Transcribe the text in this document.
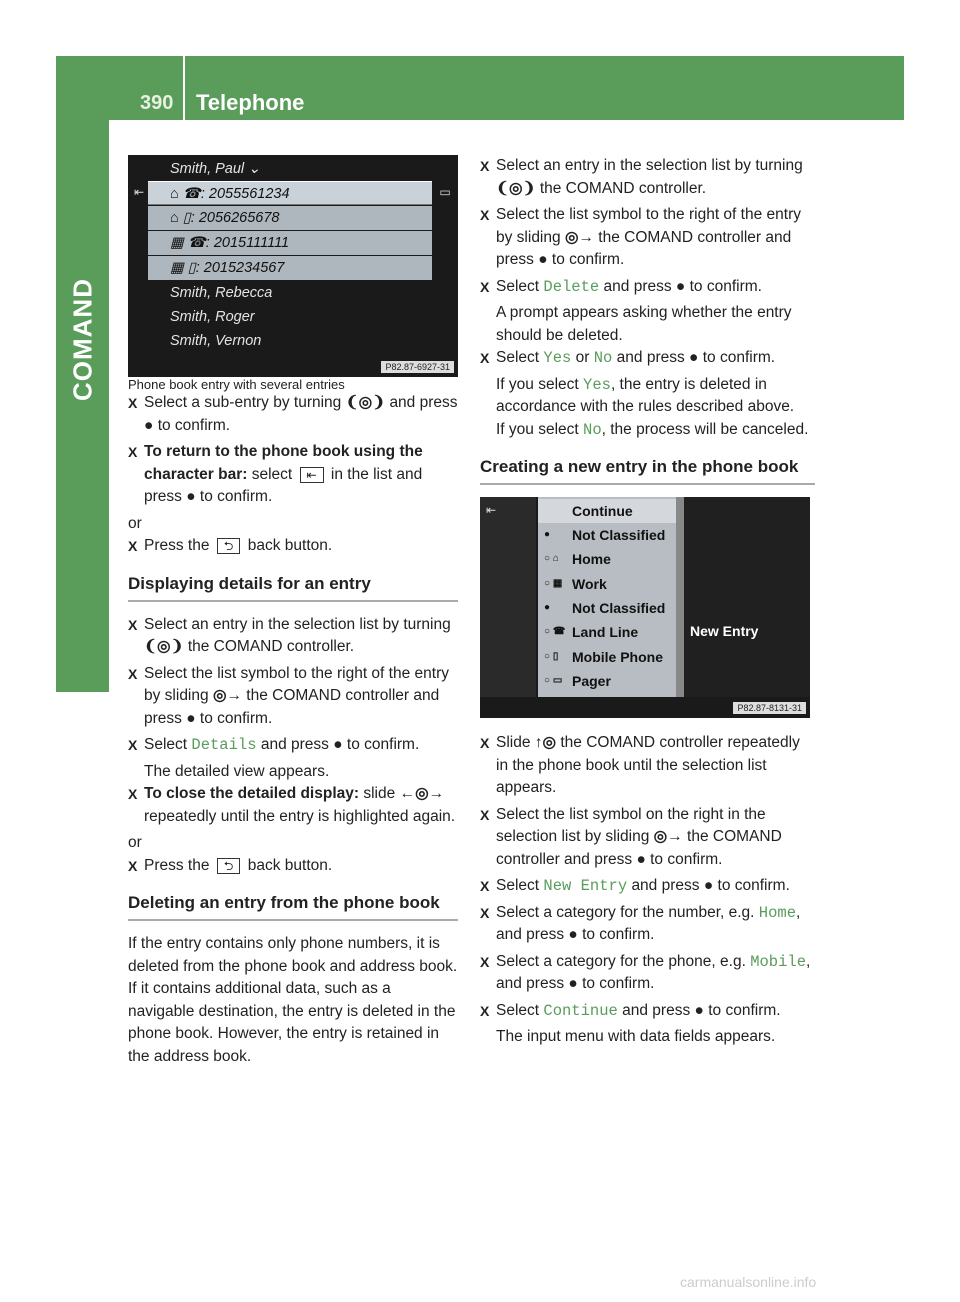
390 Telephone
COMAND
⇤	▭
Smith, Paul ⌄
⌂ ☎: 2055561234
⌂ ▯: 2056265678
▦ ☎: 2015111111
▦ ▯: 2015234567
Smith, Rebecca
Smith, Roger
Smith, Vernon
P82.87-6927-31

Phone book entry with several entries

X Select a sub-entry by turning ❨◎❩ and press ● to confirm.
X To return to the phone book using the character bar: select ⇤ in the list and press ● to confirm.

or

X Press the ⮌ back button.
Displaying details for an entry
X Select an entry in the selection list by turning ❨◎❩ the COMAND controller.
X Select the list symbol to the right of the entry by sliding ◎→ the COMAND controller and press ● to confirm.
X Select Details and press ● to confirm.

The detailed view appears.

X To close the detailed display: slide ←◎→ repeatedly until the entry is highlighted again.

or

X Press the ⮌ back button.
Deleting an entry from the phone book

If the entry contains only phone numbers, it is deleted from the phone book and address book.

If it contains additional data, such as a navigable destination, the entry is deleted in the phone book. However, the entry is retained in the address book.

X Select an entry in the selection list by turning ❨◎❩ the COMAND controller.
X Select the list symbol to the right of the entry by sliding ◎→ the COMAND controller and press ● to confirm.
X Select Delete and press ● to confirm.

A prompt appears asking whether the entry should be deleted.

X Select Yes or No and press ● to confirm.

If you select Yes, the entry is deleted in accordance with the rules described above.

If you select No, the process will be canceled.

Creating a new entry in the phone book
⇤	Continue
● Not Classified
○ ⌂ Home
○ ▦ Work
● Not Classified
○ ☎ Land Line
○ ▯ Mobile Phone
○ ▭ Pager
New Entry
P82.87-8131-31
X Slide ↑◎ the COMAND controller repeatedly in the phone book until the selection list appears.
X Select the list symbol on the right in the selection list by sliding ◎→ the COMAND controller and press ● to confirm.
X Select New Entry and press ● to confirm.
X Select a category for the number, e.g. Home, and press ● to confirm.
X Select a category for the phone, e.g. Mobile, and press ● to confirm.
X Select Continue and press ● to confirm.

The input menu with data fields appears.

carmanualsonline.info
